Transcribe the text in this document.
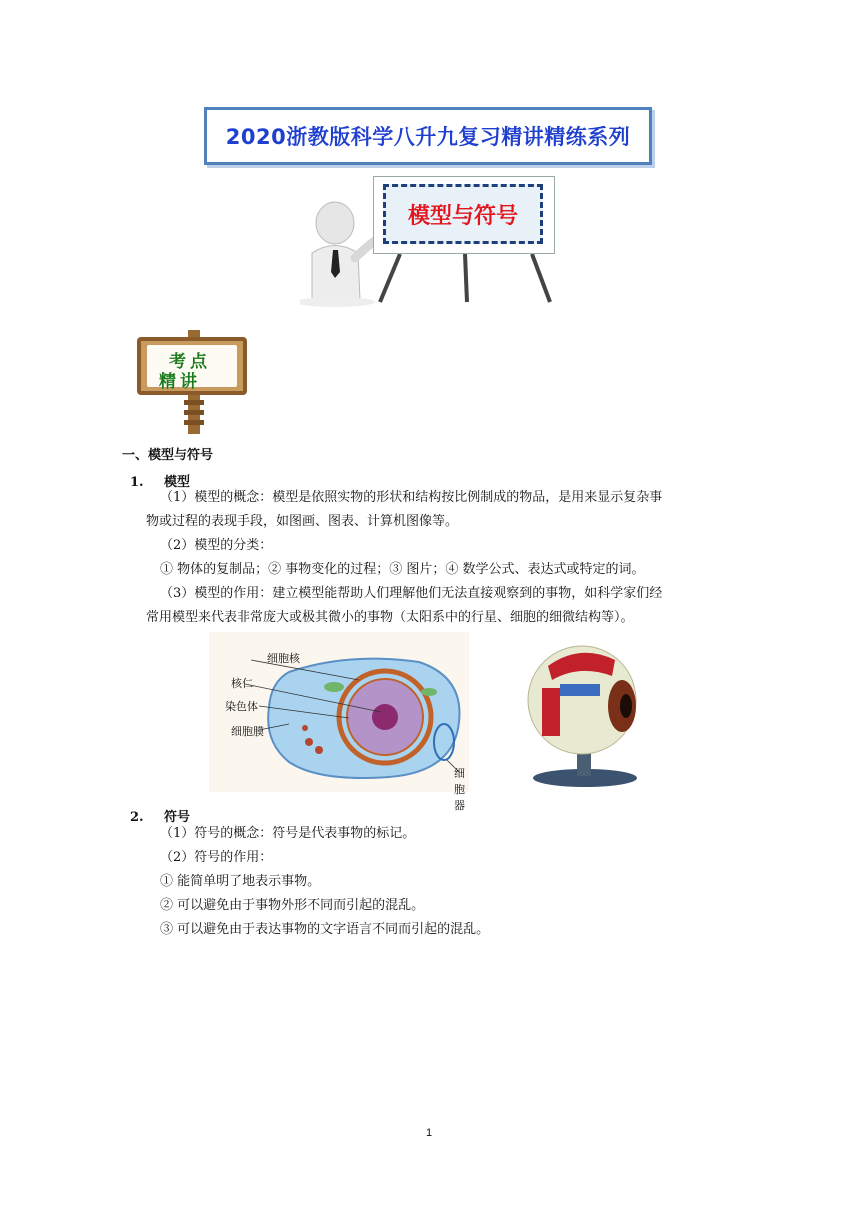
2020浙教版科学八升九复习精讲精练系列
模型与符号
考点
精讲
一、模型与符号
1. 模型
（1）模型的概念：模型是依照实物的形状和结构按比例制成的物品，是用来显示复杂事
物或过程的表现手段，如图画、图表、计算机图像等。
（2）模型的分类：
① 物体的复制品；② 事物变化的过程；③ 图片；④ 数学公式、表达式或特定的词。
（3）模型的作用：建立模型能帮助人们理解他们无法直接观察到的事物，如科学家们经
常用模型来代表非常庞大或极其微小的事物（太阳系中的行星、细胞的细微结构等）。
细胞核
核仁
染色体
细胞膜
细胞器
2. 符号
（1）符号的概念：符号是代表事物的标记。
（2）符号的作用：
① 能简单明了地表示事物。
② 可以避免由于事物外形不同而引起的混乱。
③ 可以避免由于表达事物的文字语言不同而引起的混乱。
1
